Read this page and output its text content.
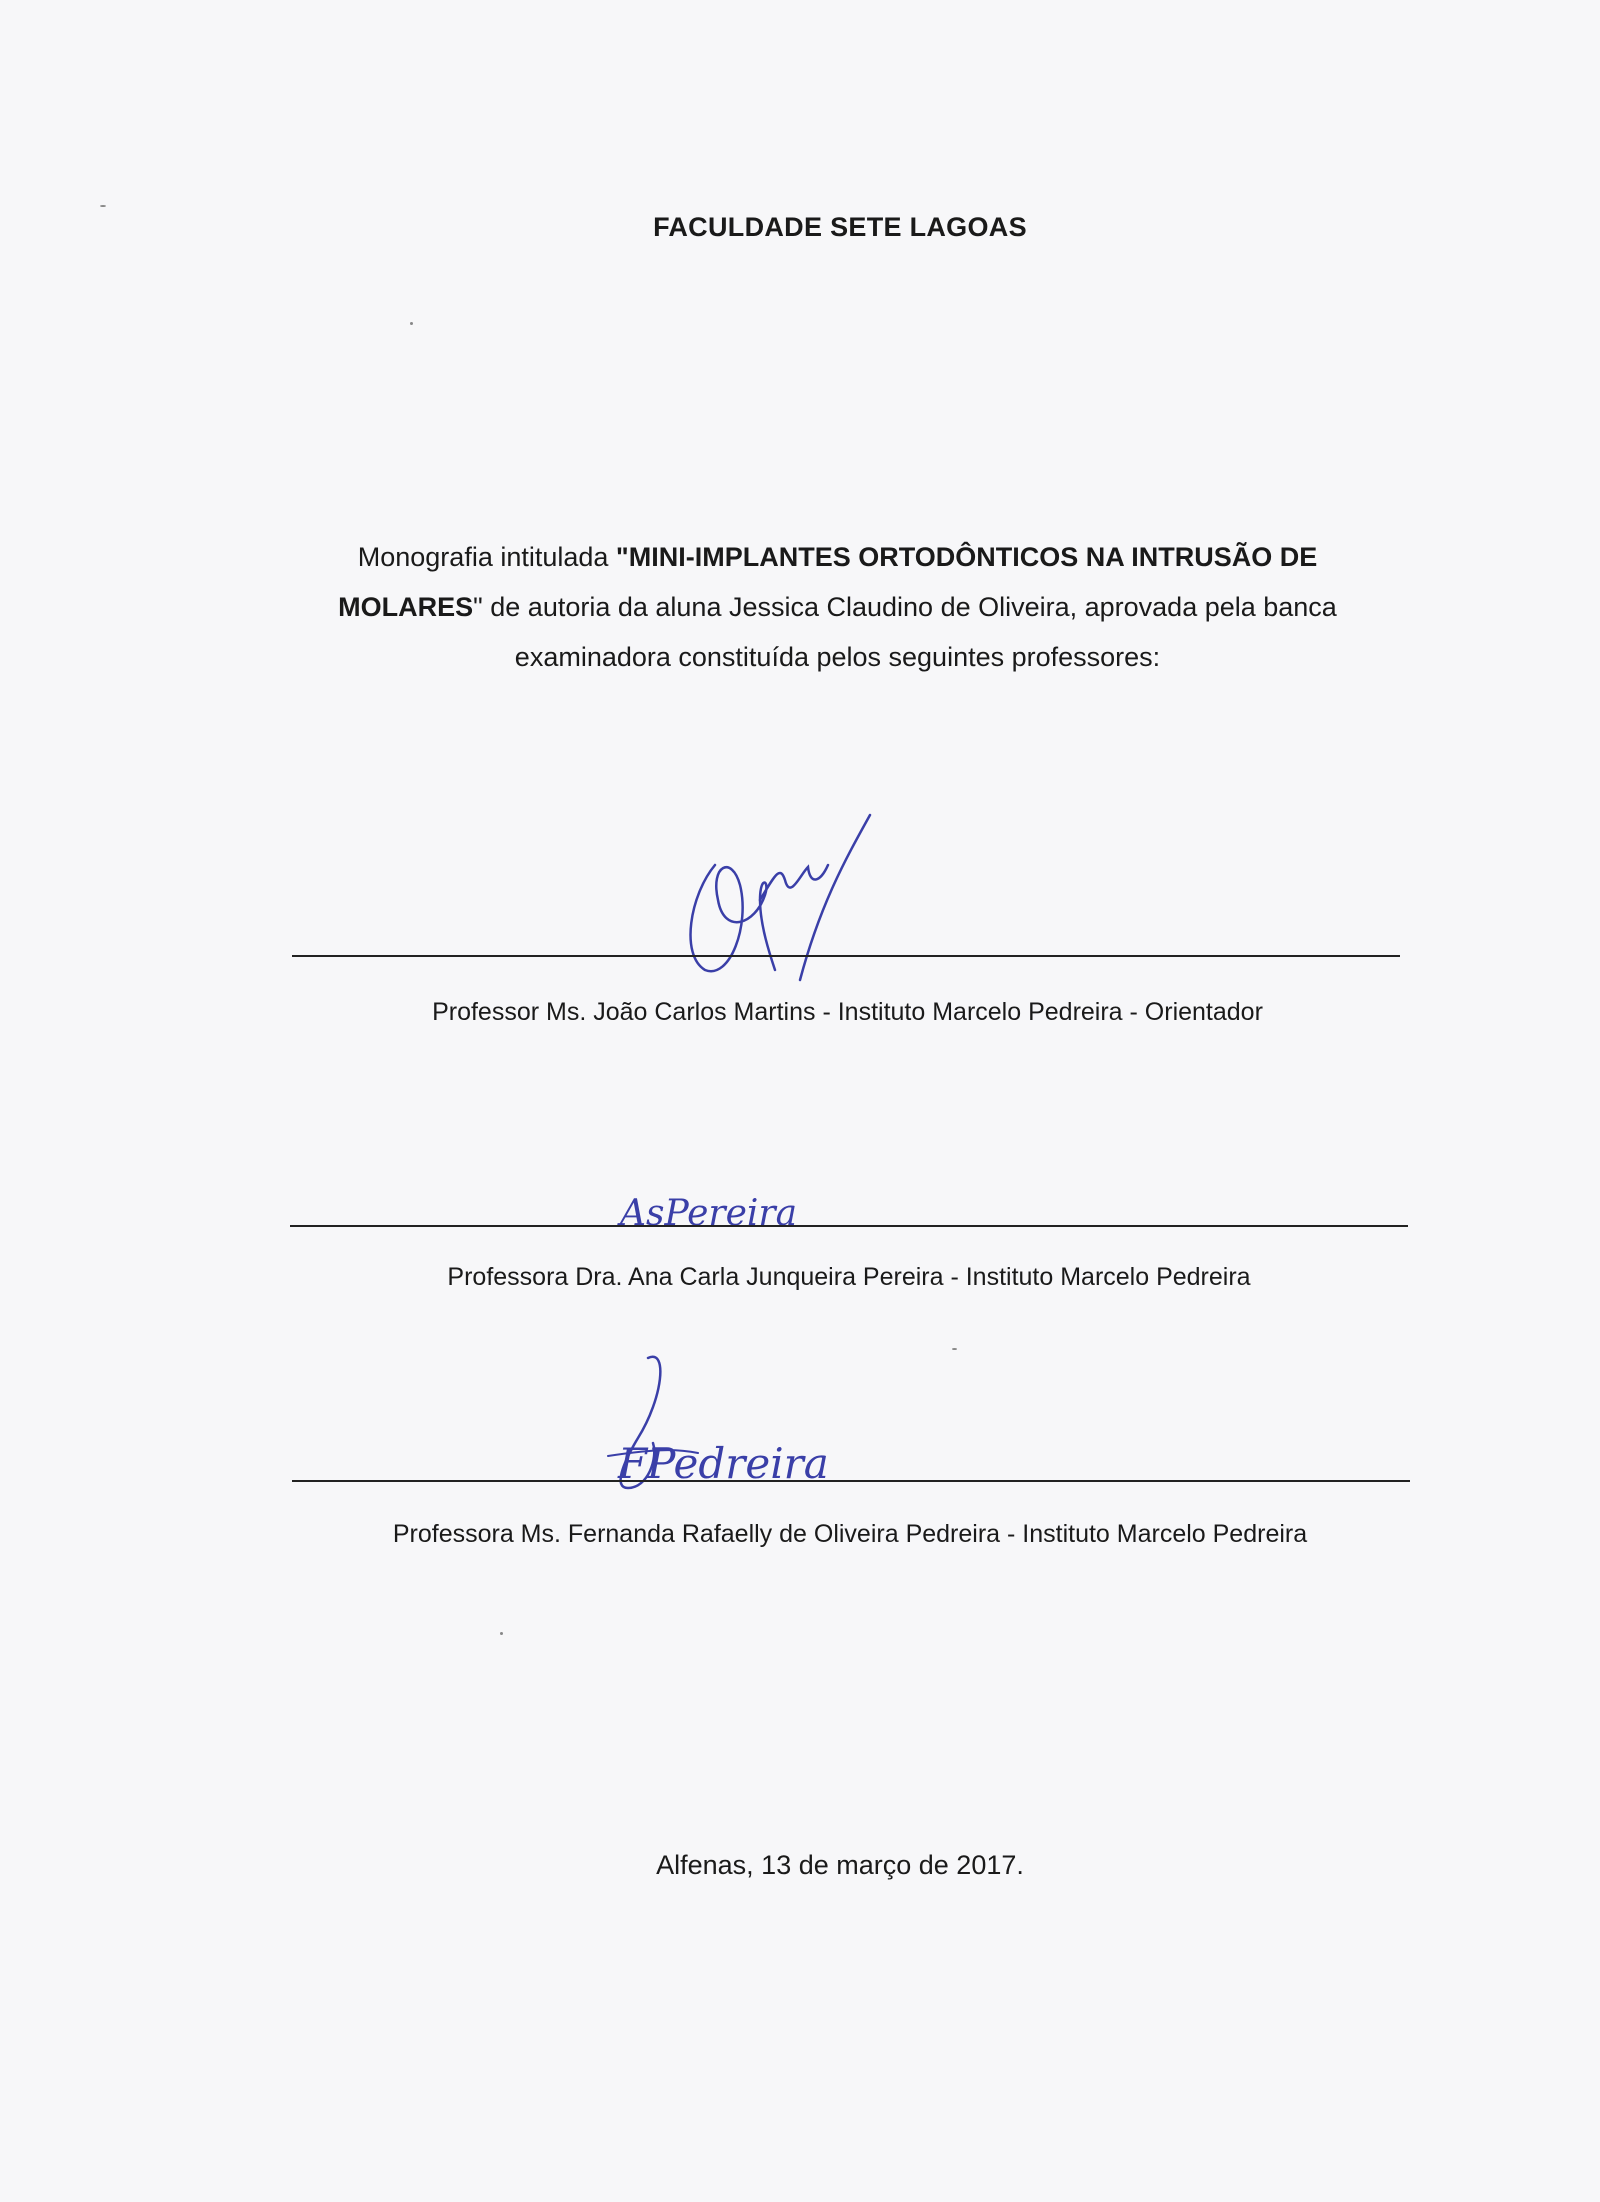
FACULDADE SETE LAGOAS
Monografia intitulada "MINI-IMPLANTES ORTODÔNTICOS NA INTRUSÃO DE MOLARES" de autoria da aluna Jessica Claudino de Oliveira, aprovada pela banca examinadora constituída pelos seguintes professores:
Professor Ms. João Carlos Martins - Instituto Marcelo Pedreira - Orientador
AsPereira
Professora Dra. Ana Carla Junqueira Pereira - Instituto Marcelo Pedreira
FPedreira
Professora Ms. Fernanda Rafaelly de Oliveira Pedreira - Instituto Marcelo Pedreira
Alfenas, 13 de março de 2017.
